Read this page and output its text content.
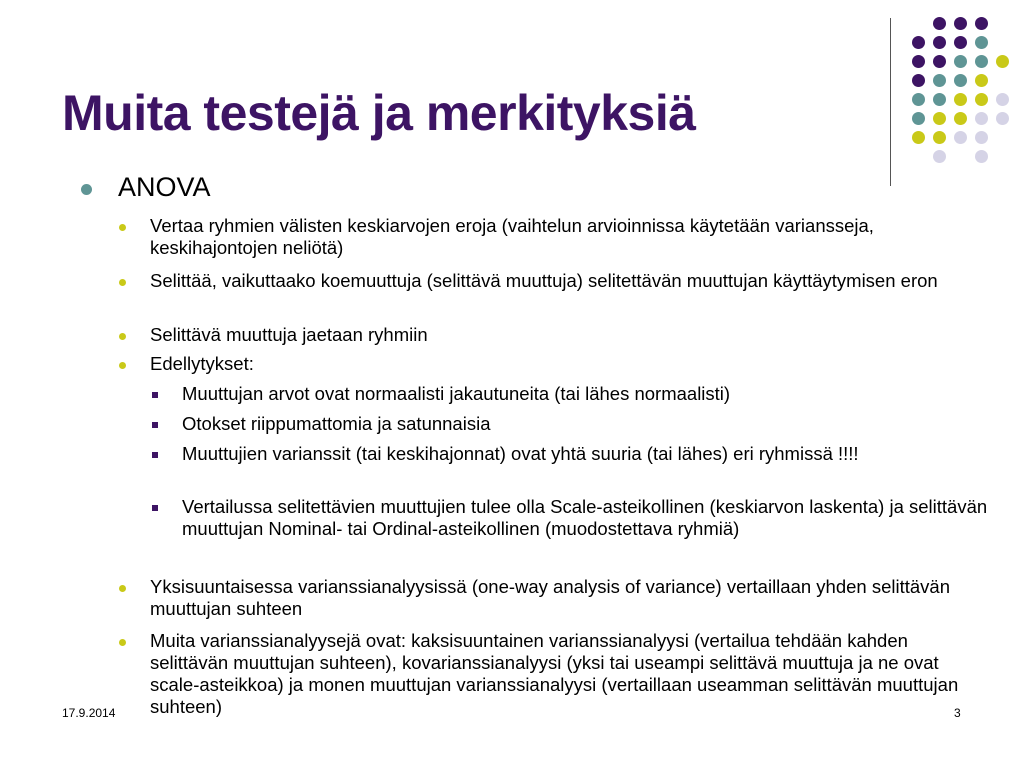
Muita testejä ja merkityksiä

ANOVA

Vertaa ryhmien välisten keskiarvojen eroja (vaihtelun arvioinnissa käytetään variansseja, keskihajontojen neliötä)
Selittää, vaikuttaako koemuuttuja (selittävä muuttuja) selitettävän muuttujan käyttäytymisen eron
Selittävä muuttuja jaetaan ryhmiin
Edellytykset:
Muuttujan arvot ovat normaalisti jakautuneita (tai lähes normaalisti)
Otokset riippumattomia ja satunnaisia
Muuttujien varianssit (tai keskihajonnat) ovat yhtä suuria (tai lähes) eri ryhmissä !!!!
Vertailussa selitettävien muuttujien tulee olla Scale-asteikollinen (keskiarvon laskenta) ja selittävän muuttujan Nominal- tai Ordinal-asteikollinen (muodostettava ryhmiä)
Yksisuuntaisessa varianssianalyysissä (one-way analysis of variance) vertaillaan yhden selittävän muuttujan suhteen
Muita varianssianalyysejä ovat: kaksisuuntainen varianssianalyysi (vertailua tehdään kahden selittävän muuttujan suhteen), kovarianssianalyysi (yksi tai useampi selittävä muuttuja ja ne ovat scale-asteikkoa) ja monen muuttujan varianssianalyysi (vertaillaan useamman selittävän muuttujan suhteen)
17.9.2014	3
